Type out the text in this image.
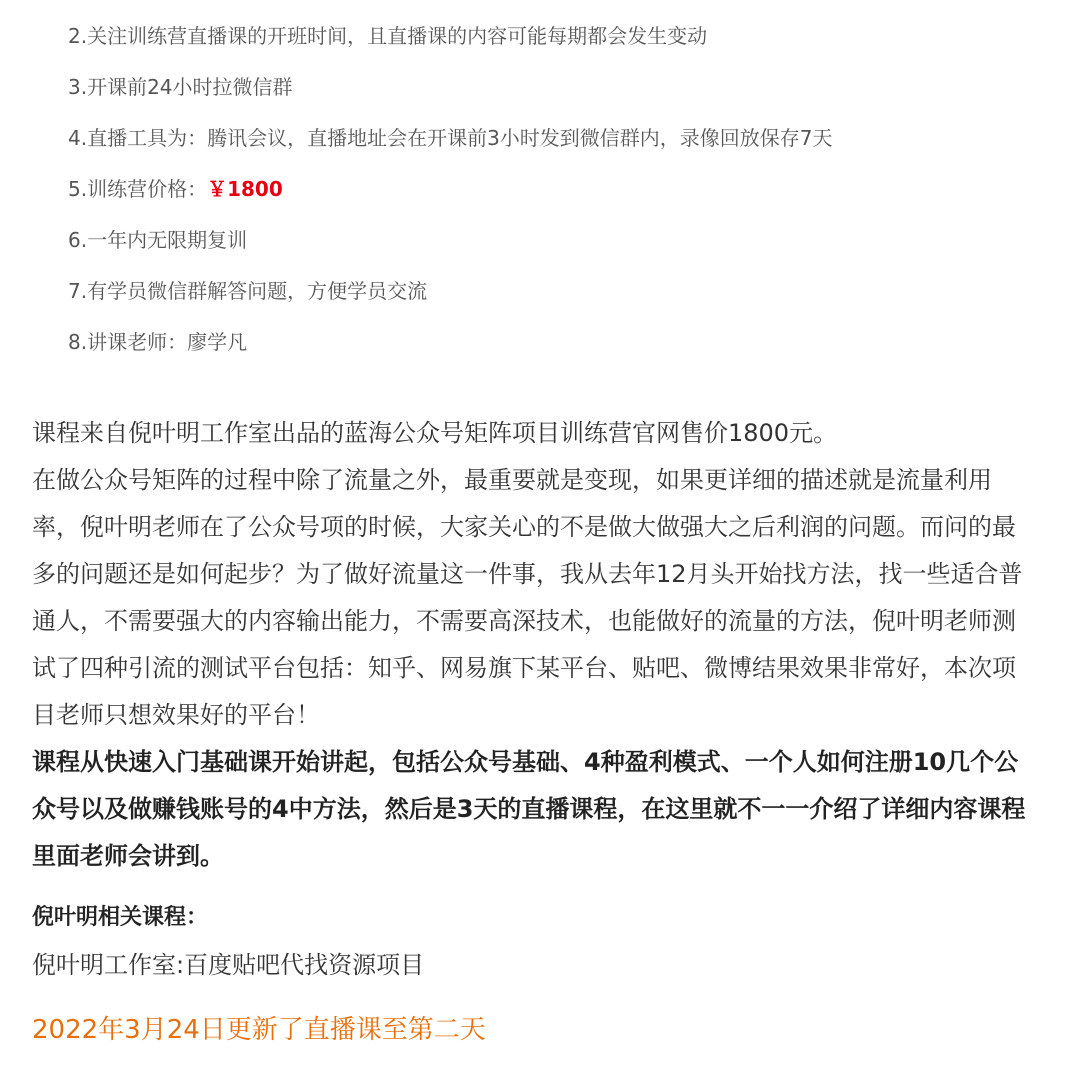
2.关注训练营直播课的开班时间，且直播课的内容可能每期都会发生变动
3.开课前24小时拉微信群
4.直播工具为：腾讯会议，直播地址会在开课前3小时发到微信群内，录像回放保存7天
5.训练营价格：￥1800
6.一年内无限期复训
7.有学员微信群解答问题，方便学员交流
8.讲课老师：廖学凡

课程来自倪叶明工作室出品的蓝海公众号矩阵项目训练营官网售价1800元。

在做公众号矩阵的过程中除了流量之外，最重要就是变现，如果更详细的描述就是流量利用率，倪叶明老师在了公众号项的时候，大家关心的不是做大做强大之后利润的问题。而问的最多的问题还是如何起步？为了做好流量这一件事，我从去年12月头开始找方法，找一些适合普通人，不需要强大的内容输出能力，不需要高深技术，也能做好的流量的方法，倪叶明老师测试了四种引流的测试平台包括：知乎、网易旗下某平台、贴吧、微博结果效果非常好，本次项目老师只想效果好的平台！

课程从快速入门基础课开始讲起，包括公众号基础、4种盈利模式、一个人如何注册10几个公众号以及做赚钱账号的4中方法，然后是3天的直播课程，在这里就不一一介绍了详细内容课程里面老师会讲到。

倪叶明相关课程：
倪叶明工作室:百度贴吧代找资源项目
2022年3月24日更新了直播课至第二天
